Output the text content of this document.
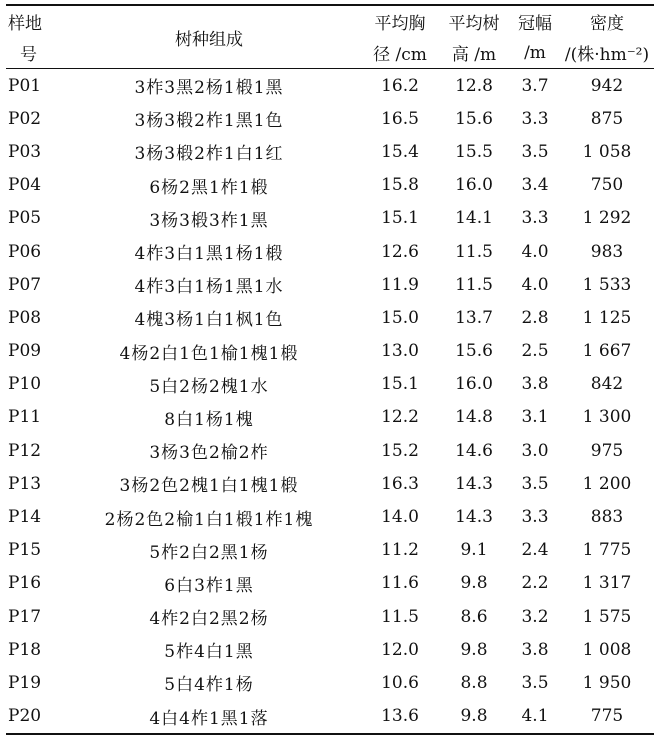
样地	树种组成	平均胸	平均树	冠幅	密度
号		径 /cm	高 /m	/m	/(株·hm⁻²)
P01	3柞3黑2杨1椴1黑	16.2	12.8	3.7	942
P02	3杨3椴2柞1黑1色	16.5	15.6	3.3	875
P03	3杨3椴2柞1白1红	15.4	15.5	3.5	1 058
P04	6杨2黑1柞1椴	15.8	16.0	3.4	750
P05	3杨3椴3柞1黑	15.1	14.1	3.3	1 292
P06	4柞3白1黑1杨1椴	12.6	11.5	4.0	983
P07	4柞3白1杨1黑1水	11.9	11.5	4.0	1 533
P08	4槐3杨1白1枫1色	15.0	13.7	2.8	1 125
P09	4杨2白1色1榆1槐1椴	13.0	15.6	2.5	1 667
P10	5白2杨2槐1水	15.1	16.0	3.8	842
P11	8白1杨1槐	12.2	14.8	3.1	1 300
P12	3杨3色2榆2柞	15.2	14.6	3.0	975
P13	3杨2色2槐1白1槐1椴	16.3	14.3	3.5	1 200
P14	2杨2色2榆1白1椴1柞1槐	14.0	14.3	3.3	883
P15	5柞2白2黑1杨	11.2	9.1	2.4	1 775
P16	6白3柞1黑	11.6	9.8	2.2	1 317
P17	4柞2白2黑2杨	11.5	8.6	3.2	1 575
P18	5柞4白1黑	12.0	9.8	3.8	1 008
P19	5白4柞1杨	10.6	8.8	3.5	1 950
P20	4白4柞1黑1落	13.6	9.8	4.1	775
